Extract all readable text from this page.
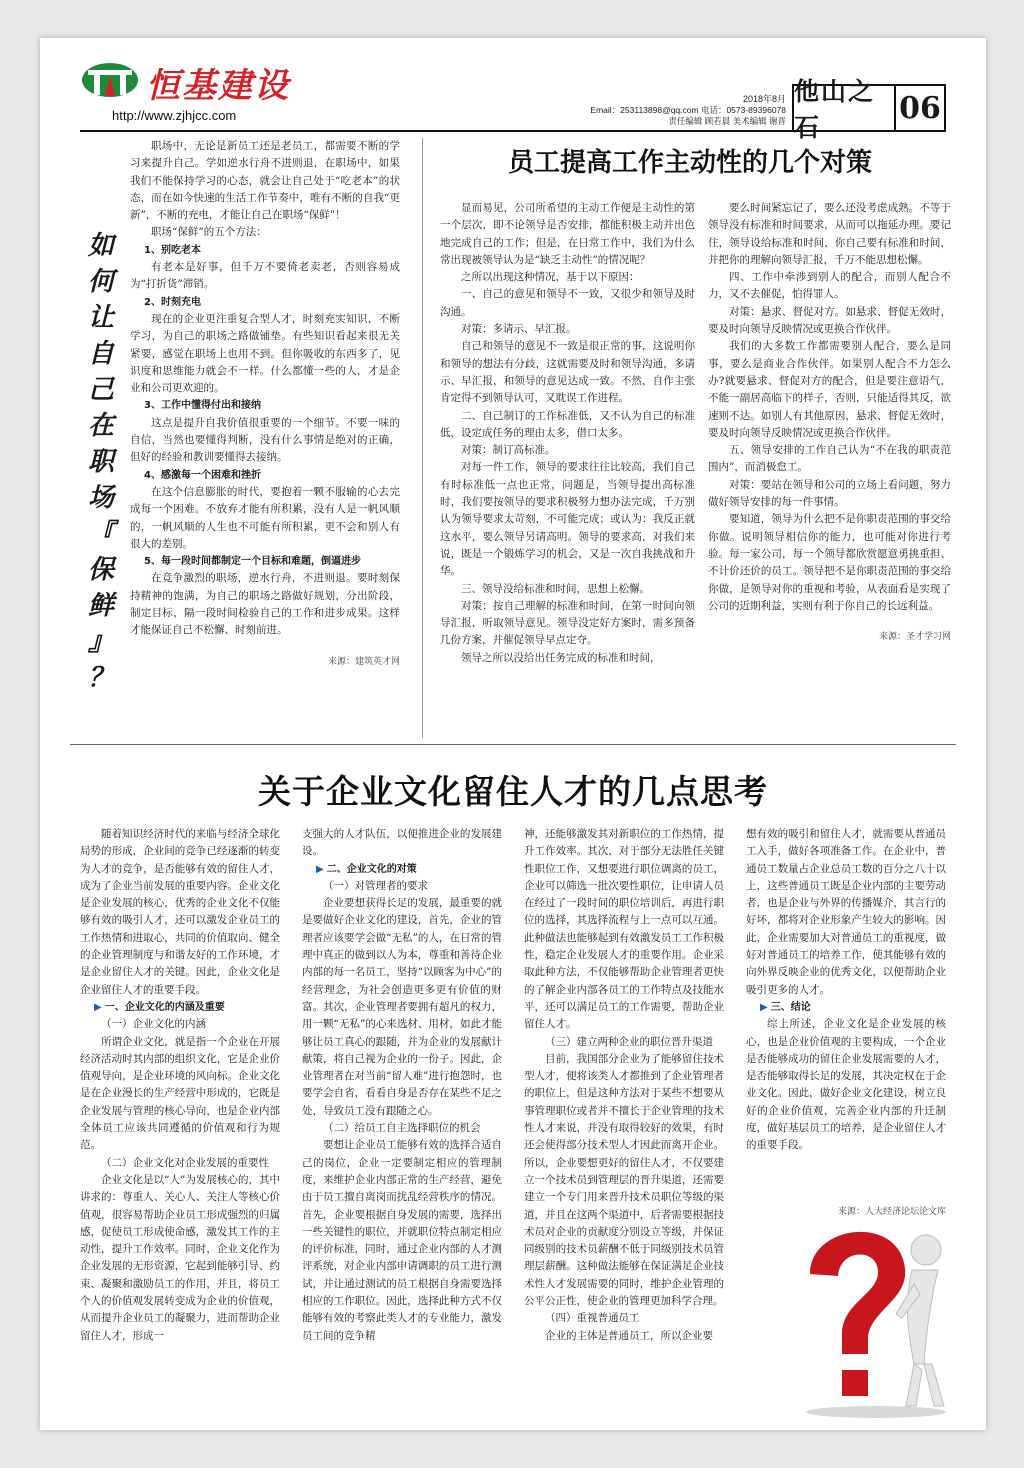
恒基建设
http://www.zjhjcc.com
2018年8月
Email：253113898@qq.com 电话：0573-89396078
责任编辑 顾若晨 美术编辑 谢晋
他山之石
06
如
何
让
自
己
在
职
场
『
保
鲜
』
？

职场中，无论是新员工还是老员工，都需要不断的学习来提升自己。学如逆水行舟不进则退，在职场中，如果我们不能保持学习的心态，就会让自己处于“吃老本”的状态，而在如今快速的生活工作节奏中，唯有不断的自我“更新”，不断的充电，才能让自己在职场“保鲜”！

职场“保鲜”的五个方法：

1、别吃老本

有老本是好事，但千万不要倚老卖老，否则容易成为“打折货”滞销。

2、时刻充电

现在的企业更注重复合型人才，时刻充实知识，不断学习，为自己的职场之路做铺垫。有些知识看起来很无关紧要，感觉在职场上也用不到。但你吸收的东西多了，见识度和思维能力就会不一样。什么都懂一些的人，才是企业和公司更欢迎的。

3、工作中懂得付出和接纳

这点是提升自我价值很重要的一个细节。不要一味的自信，当然也要懂得判断，没有什么事情是绝对的正确，但好的经验和教训要懂得去接纳。

4、感激每一个困难和挫折

在这个信息膨胀的时代，要抱着一颗不服输的心去完成每一个困难。不放弃才能有所积累，没有人是一帆风顺的，一帆风顺的人生也不可能有所积累，更不会和别人有很大的差别。

5、每一段时间都制定一个目标和难题，倒逼进步

在竞争激烈的职场，逆水行舟，不进则退。要时刻保持精神的饱满，为自己的职场之路做好规划，分出阶段，制定目标，隔一段时间检验自己的工作和进步成果。这样才能保证自己不松懈、时刻前进。

来源：建筑英才网

员工提高工作主动性的几个对策

显而易见，公司所希望的主动工作便是主动性的第一个层次，即不论领导是否安排，都能积极主动并出色地完成自己的工作；但是，在日常工作中，我们为什么常出现被领导认为是“缺乏主动性”的情况呢？

之所以出现这种情况，基于以下原因：

一、自己的意见和领导不一致，又很少和领导及时沟通。

对策：多请示、早汇报。

自己和领导的意见不一致是很正常的事，这说明你和领导的想法有分歧，这就需要及时和领导沟通，多请示、早汇报，和领导的意见达成一致。不然，自作主张肯定得不到领导认可，又耽误工作进程。

二、自己制订的工作标准低，又不认为自己的标准低，设定成任务的理由太多，借口太多。

对策：制订高标准。

对每一件工作，领导的要求往往比较高，我们自己有时标准低一点也正常，问题是，当领导提出高标准时，我们要按领导的要求积极努力想办法完成，千万别认为领导要求太苛刻，不可能完成；或认为：我反正就这水平，要么领导另请高明。领导的要求高，对我们来说，既是一个锻炼学习的机会，又是一次自我挑战和升华。

三、领导没给标准和时间，思想上松懈。

对策：按自己理解的标准和时间，在第一时间向领导汇报，听取领导意见。领导没定好方案时，需多预备几份方案，并催促领导早点定夺。

领导之所以没给出任务完成的标准和时间，

要么时间紧忘记了，要么还没考虑成熟。不等于领导没有标准和时间要求，从而可以拖延办理。要记住，领导设给标准和时间，你自己要有标准和时间，并把你的理解向领导汇报，千万不能思想松懈。

四、工作中牵涉到别人的配合，而别人配合不力，又不去催促，怕得罪人。

对策：悬求、督促对方。如悬求、督促无效时，要及时向领导反映情况或更换合作伙伴。

我们的大多数工作都需要别人配合，要么是同事，要么是商业合作伙伴。如果别人配合不力怎么办?就要悬求、督促对方的配合，但是要注意语气，不能一副居高临下的样子，否则，只能适得其反，欲速则不达。如别人有其他原因，悬求、督促无效时，要及时向领导反映情况或更换合作伙伴。

五、领导安排的工作自己认为“不在我的职责范围内”，而消极怠工。

对策：要站在领导和公司的立场上看问题，努力做好领导安排的每一件事情。

要知道，领导为什么把不是你职责范围的事交给你做。说明领导相信你的能力，也可能对你进行考验。每一家公司，每一个领导都欣赏愿意勇挑重担、不计价还价的员工。领导把不是你职责范围的事交给你做，是领导对你的重视和考验，从表面看是实现了公司的近期利益，实则有利于你自己的长远利益。

来源：圣才学习网

关于企业文化留住人才的几点思考

随着知识经济时代的来临与经济全球化局势的形成，企业间的竞争已经逐渐的转变为人才的竞争，是否能够有效的留住人才，成为了企业当前发展的重要内容。企业文化是企业发展的核心，优秀的企业文化不仅能够有效的吸引人才，还可以激发企业员工的工作热情和进取心，共同的价值取向、健全的企业管理制度与和谐友好的工作环境，才是企业留住人才的关键。因此，企业文化是企业留住人才的重要手段。

▶ 一、企业文化的内涵及重要

（一）企业文化的内涵

所谓企业文化，就是指一个企业在开展经济活动时其内部的组织文化，它是企业价值观导向，是企业环境的风向标。企业文化是在企业漫长的生产经营中形成的，它既是企业发展与管理的核心导向，也是企业内部全体员工应该共同遵循的价值观和行为规范。

（二）企业文化对企业发展的重要性

企业文化是以“人”为发展核心的，其中讲求的：尊重人、关心人、关注人等核心价值观，很容易帮助企业员工形成强烈的归属感，促使员工形成使命感，激发其工作的主动性，提升工作效率。同时，企业文化作为企业发展的无形资源，它起到能够引导、约束、凝聚和激励员工的作用，并且，将员工个人的价值观发展转变成为企业的价值观，从而提升企业员工的凝聚力，进而帮助企业留住人才，形成一

支强大的人才队伍，以便推进企业的发展建设。

▶ 二、企业文化的对策

（一）对管理者的要求

企业要想获得长足的发展，最重要的就是要做好企业文化的建设，首先，企业的管理者应该要学会做“无私”的人，在日常的管理中真正的做到以人为本，尊重和善待企业内部的每一名员工，坚持“以顾客为中心”的经营理念，为社会创造更多更有价值的财富。其次，企业管理者要拥有超凡的权力，用一颗“无私”的心来选材、用材，如此才能够让员工真心的跟随，并为企业的发展献计献策，将自己视为企业的一份子。因此，企业管理者在对当前“留人难”进行抱怨时，也要学会自省，看看自身是否存在某些不足之处，导致员工没有跟随之心。

（二）给员工自主选择职位的机会

要想让企业员工能够有效的选择合适自己的岗位，企业一定要制定相应的管理制度，来维护企业内部正常的生产经营，避免由于员工擅自离岗而扰乱经营秩序的情况。首先，企业要根据自身发展的需要，选择出一些关键性的职位，并就职位特点制定相应的评价标准，同时，通过企业内部的人才测评系统，对企业内部申请调职的员工进行测试，并让通过测试的员工根据自身需要选择相应的工作职位。因此，选择此种方式不仅能够有效的考察此类人才的专业能力，激发员工间的竞争精

神，还能够激发其对新职位的工作热情，提升工作效率。其次，对于部分无法胜任关键性职位工作，又想要进行职位调离的员工，企业可以筛选一批次要性职位，让申请人员在经过了一段时间的职位培训后，再进行职位的选择，其选择流程与上一点可以互通。此种做法也能够起到有效激发员工工作积极性，稳定企业发展人才的重要作用。企业采取此种方法，不仅能够帮助企业管理者更快的了解企业内部各员工的工作特点及技能水平，还可以满足员工的工作需要，帮助企业留住人才。

（三）建立两种企业的职位晋升渠道

目前，我国部分企业为了能够留住技术型人才，便将该类人才都推到了企业管理者的职位上，但是这种方法对于某些不想要从事管理职位或者并不擅长于企业管理的技术性人才来说，并没有取得较好的效果，有时还会使得部分技术型人才因此而离开企业。所以，企业要想更好的留住人才，不仅要建立一个技术员到管理层的晋升渠道，还需要建立一个专门用来晋升技术员职位等级的渠道，并且在这两个渠道中，后者需要根据技术员对企业的贡献度分别设立等级，并保证同级别的技术员薪酬不低于同级别技术员管理层薪酬。这种做法能够在保证满足企业技术性人才发展需要的同时，维护企业管理的公平公正性，使企业的管理更加科学合理。

（四）重视普通员工

企业的主体是普通员工，所以企业要

想有效的吸引和留住人才，就需要从普通员工入手，做好各项准备工作。在企业中，普通员工数量占企业总员工数的百分之八十以上，这些普通员工既是企业内部的主要劳动者，也是企业与外界的传播媒介，其言行的好坏，都将对企业形象产生较大的影响。因此，企业需要加大对普通员工的重视度，做好对普通员工的培养工作，使其能够有效的向外界反映企业的优秀文化，以便帮助企业吸引更多的人才。

▶ 三、结论

综上所述，企业文化是企业发展的核心，也是企业价值观的主要构成，一个企业是否能够成功的留住企业发展需要的人才，是否能够取得长足的发展，其决定权在于企业文化。因此，做好企业文化建设，树立良好的企业价值观，完善企业内部的升迁制度，做好基层员工的培养，是企业留住人才的重要手段。

来源：人大经济论坛论文库
